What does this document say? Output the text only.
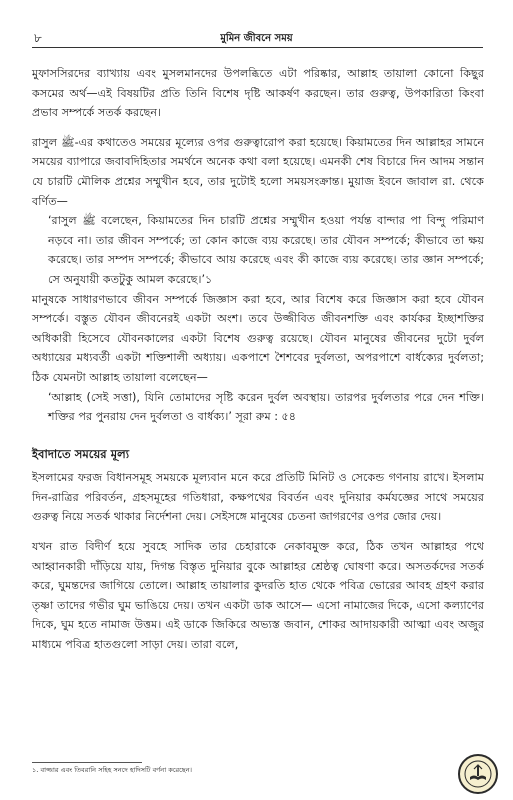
৮	মুমিন জীবনে সময়

মুফাসসিরদের ব্যাখ্যায় এবং মুসলমানদের উপলব্ধিতে এটা পরিষ্কার, আল্লাহ তায়ালা কোনো কিছুর কসমের অর্থ—এই বিষয়টির প্রতি তিনি বিশেষ দৃষ্টি আকর্ষণ করছেন। তার গুরুত্ব, উপকারিতা কিংবা প্রভাব সম্পর্কে সতর্ক করছেন।

রাসুল ﷺ-এর কথাতেও সময়ের মূল্যের ওপর গুরুত্বারোপ করা হয়েছে। কিয়ামতের দিন আল্লাহর সামনে সময়ের ব্যাপারে জবাবদিহিতার সমর্থনে অনেক কথা বলা হয়েছে। এমনকী শেষ বিচারে দিন আদম সন্তান যে চারটি মৌলিক প্রশ্নের সম্মুখীন হবে, তার দুটোই হলো সময়সংক্রান্ত। মুয়াজ ইবনে জাবাল রা. থেকে বর্ণিত—

‘রাসুল ﷺ বলেছেন, কিয়ামতের দিন চারটি প্রশ্নের সম্মুখীন হওয়া পর্যন্ত বান্দার পা বিন্দু পরিমাণ নড়বে না। তার জীবন সম্পর্কে; তা কোন কাজে ব্যয় করেছে। তার যৌবন সম্পর্কে; কীভাবে তা ক্ষয় করেছে। তার সম্পদ সম্পর্কে; কীভাবে আয় করেছে এবং কী কাজে ব্যয় করেছে। তার জ্ঞান সম্পর্কে; সে অনুযায়ী কতটুকু আমল করেছে।’১

মানুষকে সাধারণভাবে জীবন সম্পর্কে জিজ্ঞাস করা হবে, আর বিশেষ করে জিজ্ঞাস করা হবে যৌবন সম্পর্কে। বস্তুত যৌবন জীবনেরই একটা অংশ। তবে উজ্জীবিত জীবনশক্তি এবং কার্যকর ইচ্ছাশক্তির অধিকারী হিসেবে যৌবনকালের একটা বিশেষ গুরুত্ব রয়েছে। যৌবন মানুষের জীবনের দুটো দুর্বল অধ্যায়ের মধ্যবর্তী একটা শক্তিশালী অধ্যায়। একপাশে শৈশবের দুর্বলতা, অপরপাশে বার্ধক্যের দুর্বলতা; ঠিক যেমনটা আল্লাহ তায়ালা বলেছেন—

‘আল্লাহ (সেই সত্তা), যিনি তোমাদের সৃষ্টি করেন দুর্বল অবস্থায়। তারপর দুর্বলতার পরে দেন শক্তি। শক্তির পর পুনরায় দেন দুর্বলতা ও বার্ধক্য।’ সূরা রুম : ৫৪

ইবাদাতে সময়ের মূল্য

ইসলামের ফরজ বিধানসমূহ সময়কে মূল্যবান মনে করে প্রতিটি মিনিট ও সেকেন্ড গণনায় রাখে। ইসলাম দিন-রাত্রির পরিবর্তন, গ্রহসমূহের গতিধারা, কক্ষপথের বিবর্তন এবং দুনিয়ার কর্মযজ্ঞের সাথে সময়ের গুরুত্ব নিয়ে সতর্ক থাকার নির্দেশনা দেয়। সেইসঙ্গে মানুষের চেতনা জাগরণের ওপর জোর দেয়।

যখন রাত বিদীর্ণ হয়ে সুবহে সাদিক তার চেহারাকে নেকাবমুক্ত করে, ঠিক তখন আল্লাহর পথে আহ্বানকারী দাঁড়িয়ে যায়, দিগন্ত বিস্তৃত দুনিয়ার বুকে আল্লাহর শ্রেষ্ঠত্ব ঘোষণা করে। অসতর্কদের সতর্ক করে, ঘুমন্তদের জাগিয়ে তোলে। আল্লাহ তায়ালার কুদরতি হাত থেকে পবিত্র ভোরের আবহ গ্রহণ করার তৃষ্ণা তাদের গভীর ঘুম ভাঙিয়ে দেয়। তখন একটা ডাক আসে— এসো নামাজের দিকে, এসো কল্যাণের দিকে, ঘুম হতে নামাজ উত্তম। এই ডাকে জিকিরে অভ্যস্ত জবান, শোকর আদায়কারী আত্মা এবং অজুর মাধ্যমে পবিত্র হাতগুলো সাড়া দেয়। তারা বলে,

১. বাজ্জার এবং তিবরানি সহিহ সনদে হাদিসটি বর্ণনা করেছেন।
